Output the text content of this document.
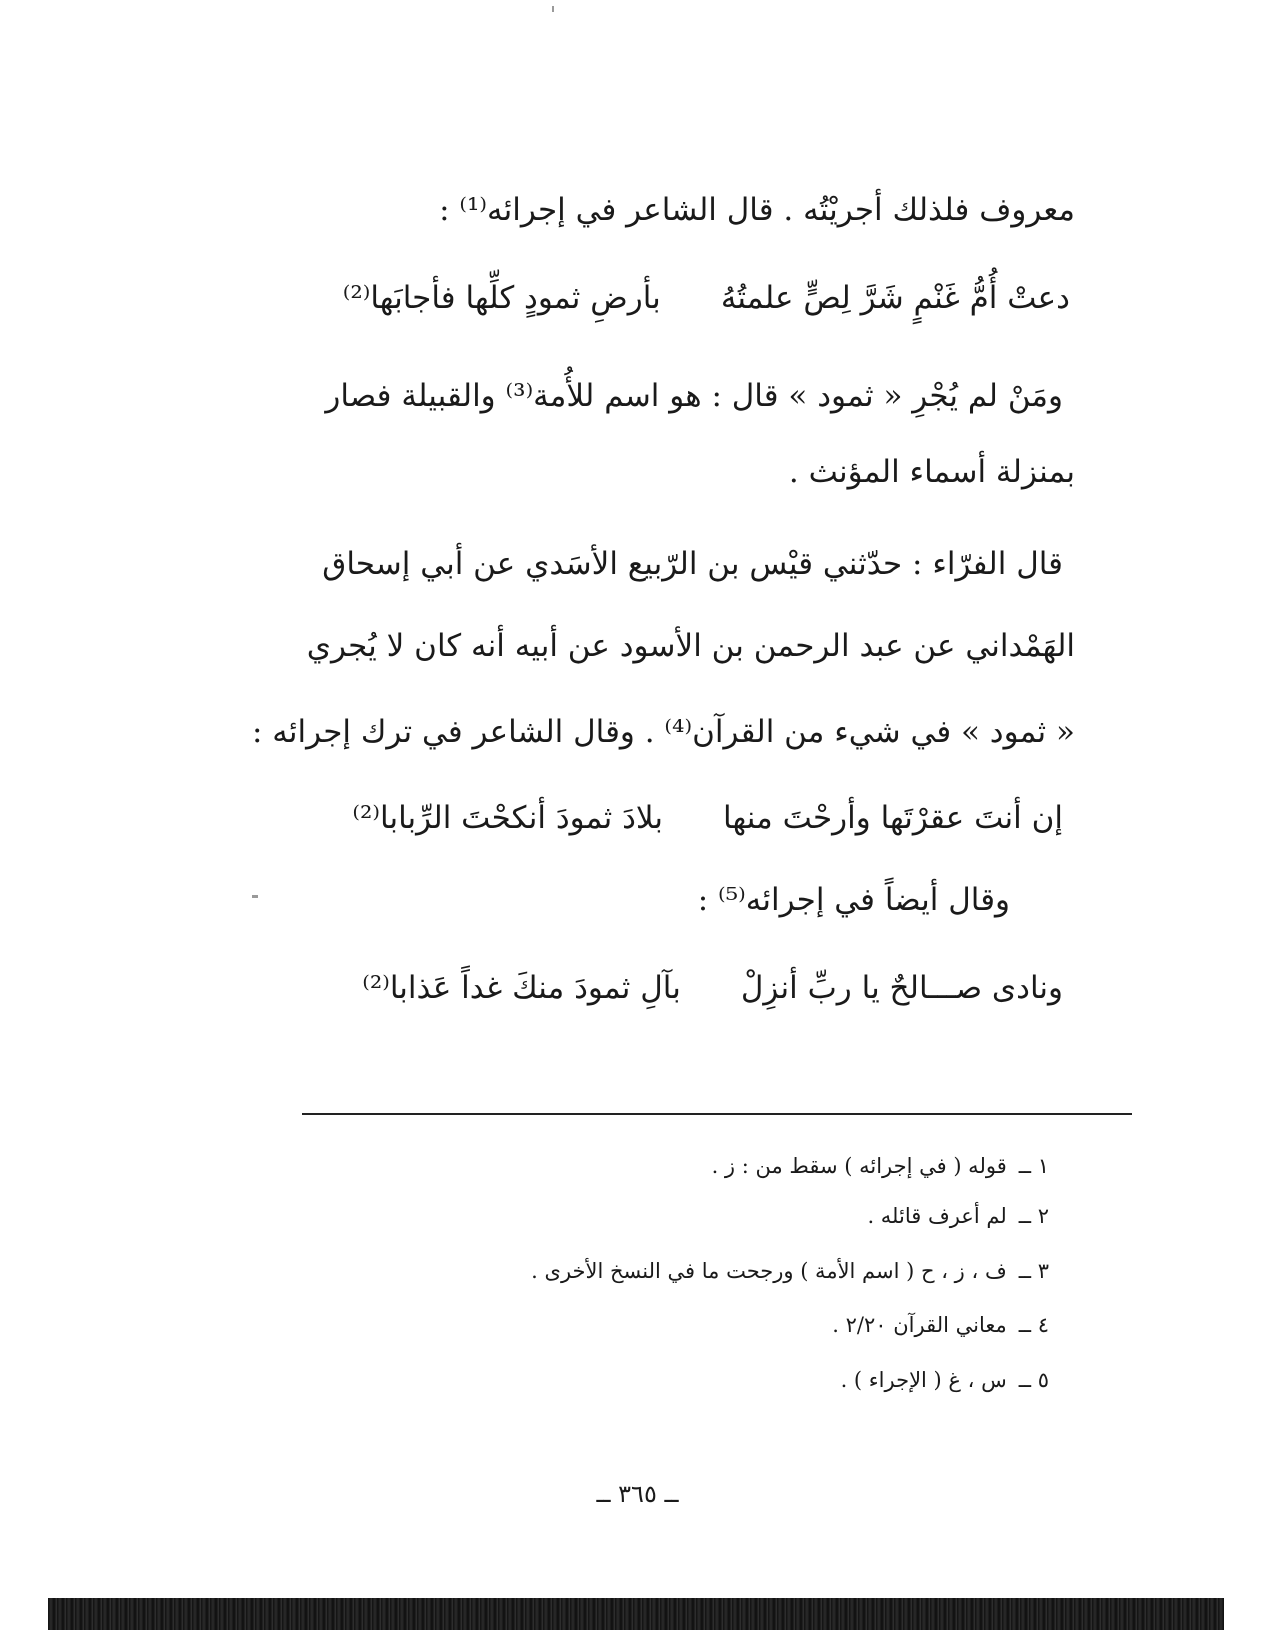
معروف فلذلك أجريْتُه . قال الشاعر في إجرائه⁽¹⁾ :
دعتْ أُمُّ غَنْمٍ شَرَّ لِصٍّ علمتُهُبأرضِ ثمودٍ كلِّها فأجابَها⁽²⁾
ومَنْ لم يُجْرِ « ثمود » قال : هو اسم للأُمة⁽³⁾ والقبيلة فصار
بمنزلة أسماء المؤنث .
قال الفرّاء : حدّثني قيْس بن الرّبيع الأسَدي عن أبي إسحاق
الهَمْداني عن عبد الرحمن بن الأسود عن أبيه أنه كان لا يُجري
« ثمود » في شيء من القرآن⁽⁴⁾ . وقال الشاعر في ترك إجرائه :
إن أنتَ عقرْتَها وأرحْتَ منهابلادَ ثمودَ أنكحْتَ الرِّبابا⁽²⁾
وقال أيضاً في إجرائه⁽⁵⁾ :
ونادى صـــالحٌ يا ربِّ أنزِلْبآلِ ثمودَ منكَ غداً عَذابا⁽²⁾
١ ــقوله ( في إجرائه ) سقط من : ز .
٢ ــلم أعرف قائله .
٣ ــف ، ز ، ح ( اسم الأمة ) ورجحت ما في النسخ الأخرى .
٤ ــمعاني القرآن ٢/٢٠ .
٥ ــس ، غ ( الإجراء ) .
ــ ٣٦٥ ــ
